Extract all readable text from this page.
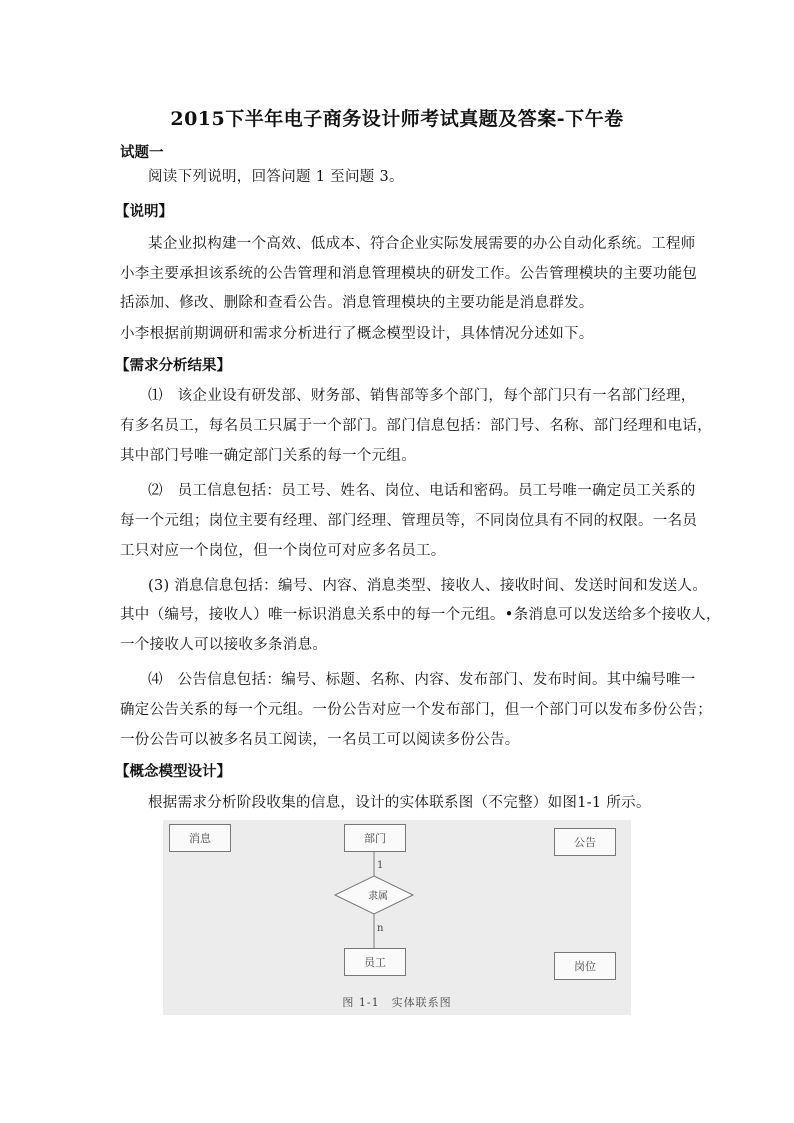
2015下半年电子商务设计师考试真题及答案-下午卷
试题一
阅读下列说明，回答问题 1 至问题 3。
【说明】
某企业拟构建一个高效、低成本、符合企业实际发展需要的办公自动化系统。工程师
小李主要承担该系统的公告管理和消息管理模块的研发工作。公告管理模块的主要功能包
括添加、修改、删除和查看公告。消息管理模块的主要功能是消息群发。
小李根据前期调研和需求分析进行了概念模型设计，具体情况分述如下。
【需求分析结果】
⑴　该企业设有研发部、财务部、销售部等多个部门，每个部门只有一名部门经理，
有多名员工，每名员工只属于一个部门。部门信息包括：部门号、名称、部门经理和电话，
其中部门号唯一确定部门关系的每一个元组。
⑵　员工信息包括：员工号、姓名、岗位、电话和密码。员工号唯一确定员工关系的
每一个元组；岗位主要有经理、部门经理、管理员等，不同岗位具有不同的权限。一名员
工只对应一个岗位，但一个岗位可对应多名员工。
(3) 消息信息包括：编号、内容、消息类型、接收人、接收时间、发送时间和发送人。
其中（编号，接收人）唯一标识消息关系中的每一个元组。•条消息可以发送给多个接收人，
一个接收人可以接收多条消息。
⑷　公告信息包括：编号、标题、名称、内容、发布部门、发布时间。其中编号唯一
确定公告关系的每一个元组。一份公告对应一个发布部门，但一个部门可以发布多份公告；
一份公告可以被多名员工阅读，一名员工可以阅读多份公告。
【概念模型设计】
根据需求分析阶段收集的信息，设计的实体联系图（不完整）如图1-1 所示。
消息	部门	公告
隶属
1
n
员工	岗位
图 1-1　实体联系图
